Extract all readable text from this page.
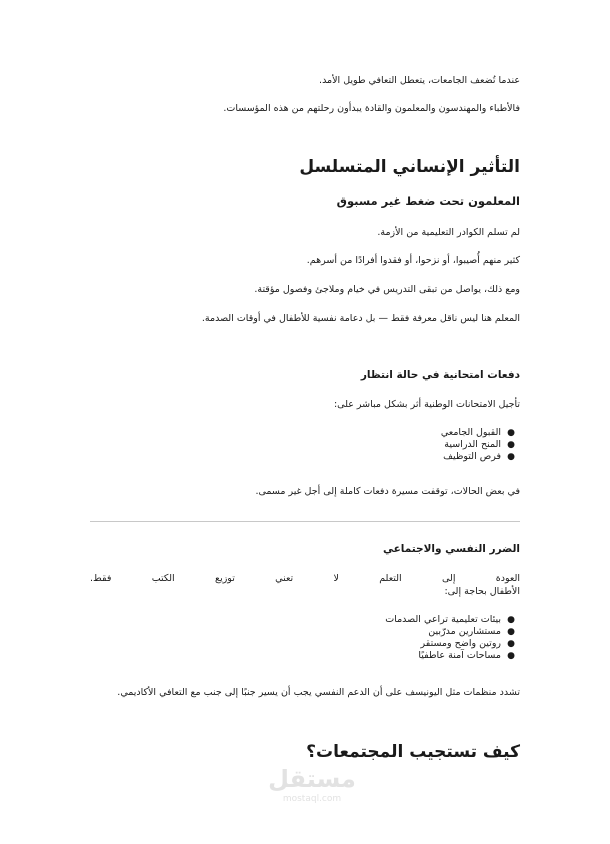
عندما تُضعف الجامعات، يتعطل التعافي طويل الأمد.

فالأطباء والمهندسون والمعلمون والقادة يبدأون رحلتهم من هذه المؤسسات.

التأثير الإنساني المتسلسل
المعلمون تحت ضغط غير مسبوق

لم تسلم الكوادر التعليمية من الأزمة.

كثير منهم أُصيبوا، أو نزحوا، أو فقدوا أفرادًا من أسرهم.

ومع ذلك، يواصل من تبقى التدريس في خيام وملاجئ وفصول مؤقتة.

المعلم هنا ليس ناقل معرفة فقط — بل دعامة نفسية للأطفال في أوقات الصدمة.

دفعات امتحانية في حالة انتظار

تأجيل الامتحانات الوطنية أثر بشكل مباشر على:

●
القبول الجامعي
●
المنح الدراسية
●
فرص التوظيف

في بعض الحالات، توقفت مسيرة دفعات كاملة إلى أجل غير مسمى.

الضرر النفسي والاجتماعي
العودة
إلى
التعلم
لا
تعني
توزيع
الكتب
فقط.

الأطفال بحاجة إلى:

●
بيئات تعليمية تراعي الصدمات
●
مستشارين مدرّبين
●
روتين واضح ومستقر
●
مساحات آمنة عاطفيًا

تشدد منظمات مثل اليونيسف على أن الدعم النفسي يجب أن يسير جنبًا إلى جنب مع التعافي الأكاديمي.

كيف تستجيب المجتمعات؟
مستقل
mostaql.com
